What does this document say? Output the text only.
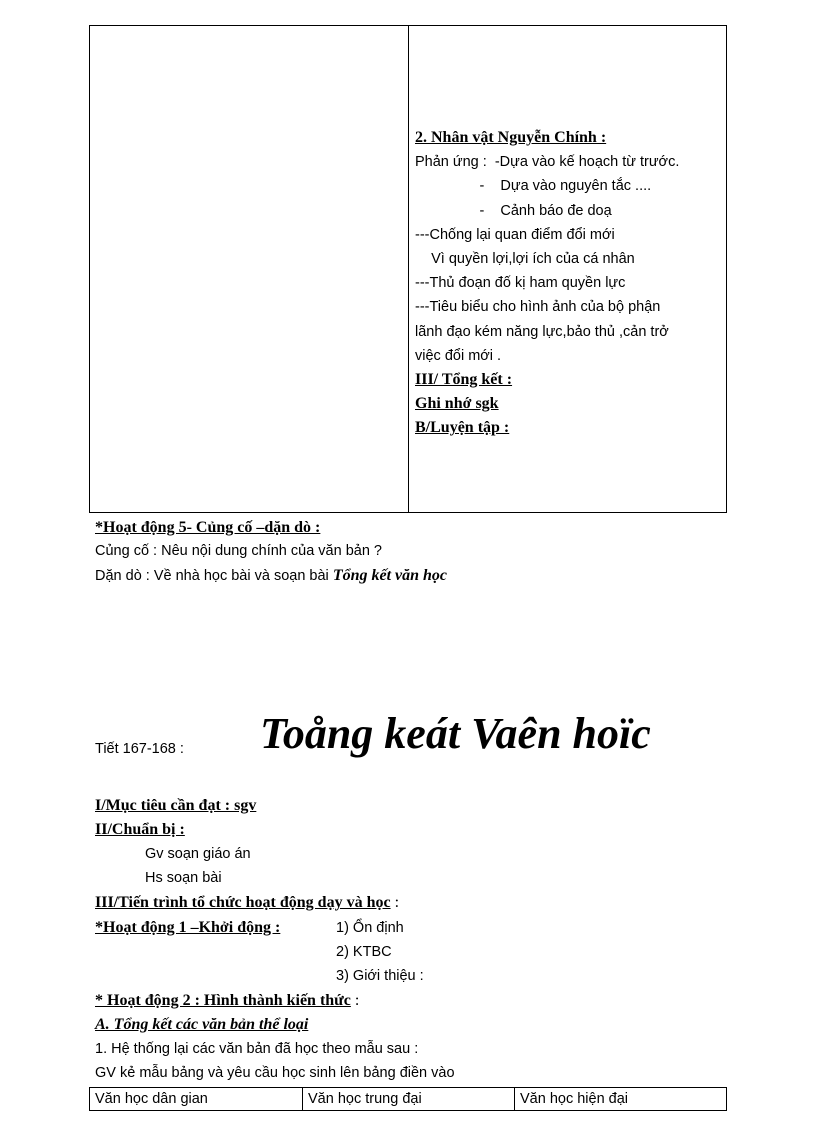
2. Nhân vật Nguyễn Chính :
Phản ứng :  -Dựa vào kế hoạch từ trước.
-    Dựa vào nguyên tắc ....
-    Cảnh báo đe doạ
---Chống lại quan điểm đổi mới
Vì quyền lợi,lợi ích của cá nhân
---Thủ đoạn đố kị ham quyền lực
---Tiêu biểu cho hình ảnh của bộ phận
lãnh đạo kém năng lực,bảo thủ ,cản trở
việc đổi mới .
III/ Tổng kết :
Ghi nhớ sgk
B/Luyện tập :
*Hoạt động 5- Củng cố –dặn dò :
Củng cố : Nêu nội dung chính của văn bản ?
Dặn dò : Về nhà học bài và soạn bài Tổng kết văn học
Tiết 167-168 : Toång keát Vaên hoïc
I/Mục tiêu cần đạt : sgv
II/Chuẩn bị :
Gv soạn giáo án
Hs soạn bài
III/Tiến trình tổ chức hoạt động dạy và học :
*Hoạt động 1 –Khởi động :	1) Ổn định
2) KTBC
3) Giới thiệu :
* Hoạt động 2 : Hình thành kiến thức :
A. Tổng kết các văn bản thể loại
1. Hệ thống lại các văn bản đã học theo mẫu sau :
GV kẻ mẫu bảng và yêu cầu học sinh lên bảng điền vào
Văn học dân gian	Văn học trung đại	Văn học hiện đại
